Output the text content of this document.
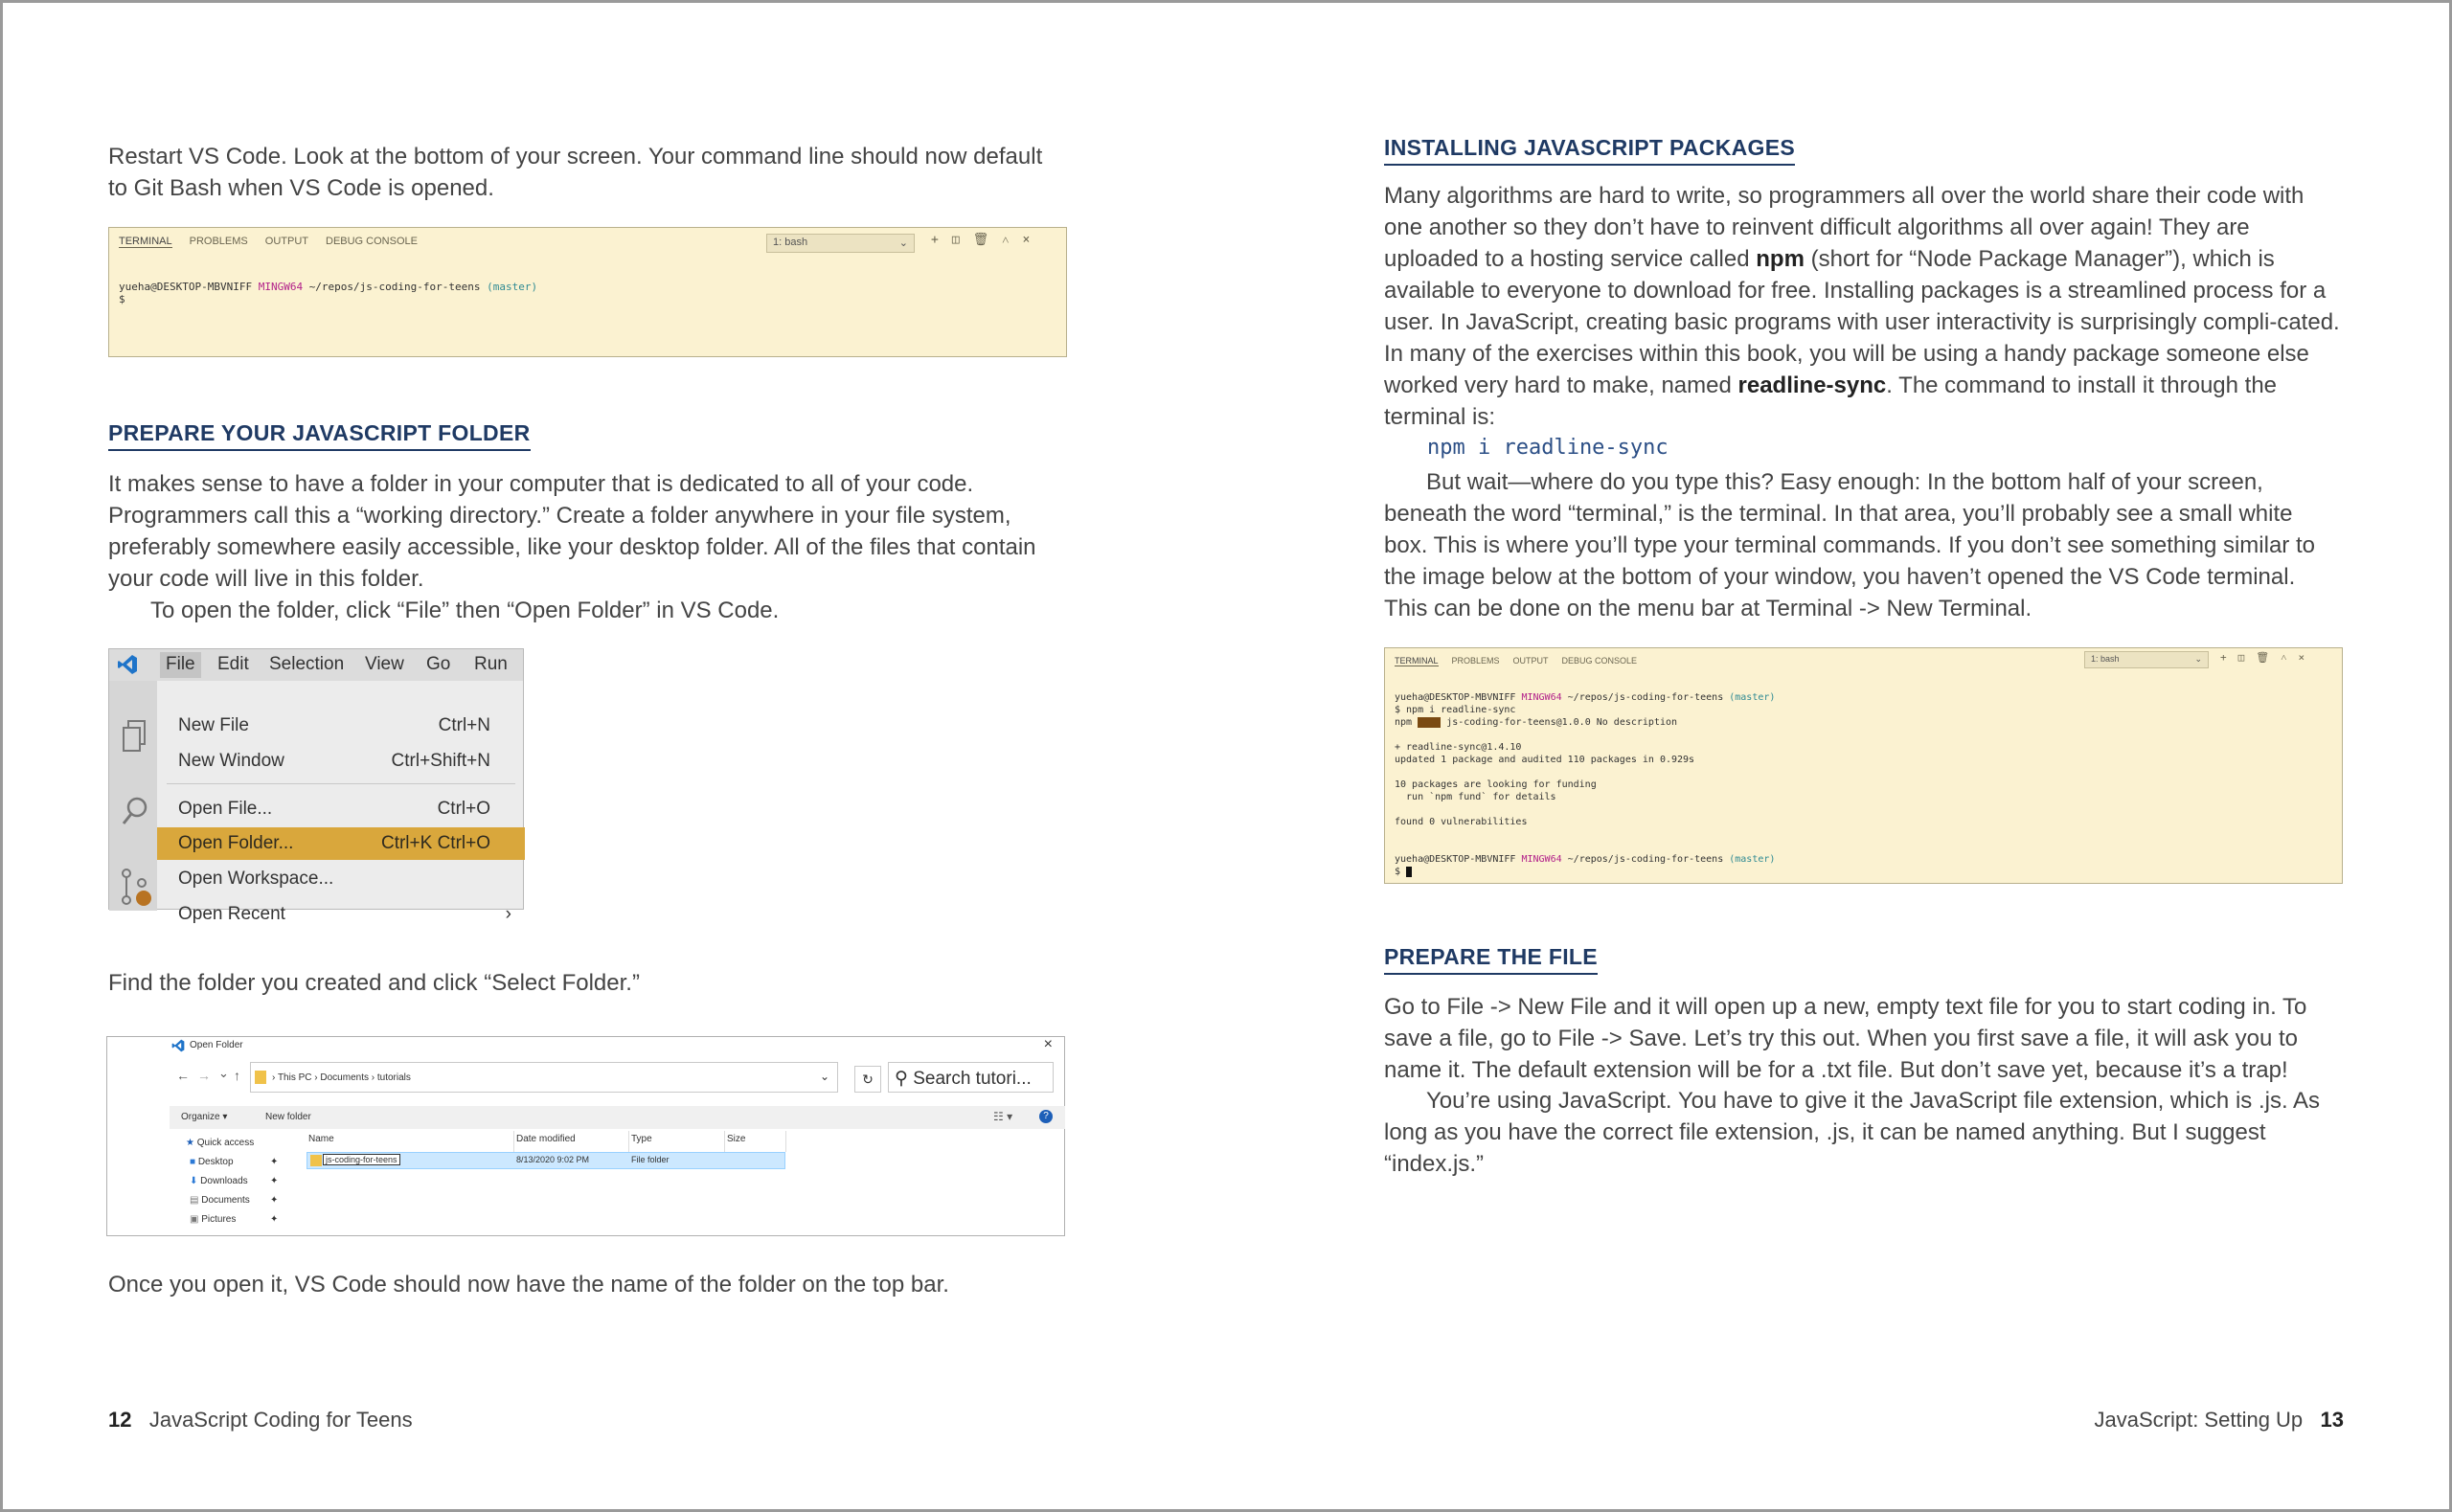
Restart VS Code. Look at the bottom of your screen. Your command line should now default to Git Bash when VS Code is opened.
TERMINAL PROBLEMS OUTPUT DEBUG CONSOLE	1: bash	⌄ + ◫ 🗑 ˄ ×
yueha@DESKTOP-MBVNIFF MINGW64 ~/repos/js-coding-for-teens (master)
$
PREPARE YOUR JAVASCRIPT FOLDER
It makes sense to have a folder in your computer that is dedicated to all of your code. Programmers call this a “working directory.” Create a folder anywhere in your file system, preferably somewhere easily accessible, like your desktop folder. All of the files that contain your code will live in this folder.
To open the folder, click “File” then “Open Folder” in VS Code.
File	Edit	Selection	View	Go	Run
New File	Ctrl+N
New Window	Ctrl+Shift+N
Open File...	Ctrl+O
Open Folder...	Ctrl+K Ctrl+O
Open Workspace...
Open Recent	›
Find the folder you created and click “Select Folder.”
Open Folder	×
← → ⌄ ↑	› This PC › Documents › tutorials	⌄	↻	⚲ Search tutori...
Organize ▾	New folder	☷ ▾	?
Name	Date modified	Type	Size
★ Quick access
■ Desktop	✦
⬇ Downloads ✦
▤ Documents ✦
▣ Pictures	✦
js-coding-for-teens	8/13/2020 9:02 PM	File folder
Once you open it, VS Code should now have the name of the folder on the top bar.
12 JavaScript Coding for Teens
INSTALLING JAVASCRIPT PACKAGES
Many algorithms are hard to write, so programmers all over the world share their code with one another so they don’t have to reinvent difficult algorithms all over again! They are uploaded to a hosting service called npm (short for “Node Package Manager”), which is available to everyone to download for free. Installing packages is a streamlined process for a user. In JavaScript, creating basic programs with user interactivity is surprisingly compli-cated. In many of the exercises within this book, you will be using a handy package someone else worked very hard to make, named readline-sync. The command to install it through the terminal is:
npm i readline-sync
But wait—where do you type this? Easy enough: In the bottom half of your screen, beneath the word “terminal,” is the terminal. In that area, you’ll probably see a small white box. This is where you’ll type your terminal commands. If you don’t see something similar to the image below at the bottom of your window, you haven’t opened the VS Code terminal. This can be done on the menu bar at Terminal -> New Terminal.
TERMINAL PROBLEMS OUTPUT DEBUG CONSOLE	1: bash	⌄ + ◫ 🗑 ˄ ×
yueha@DESKTOP-MBVNIFF MINGW64 ~/repos/js-coding-for-teens (master)
$ npm i readline-sync
npm WARN js-coding-for-teens@1.0.0 No description

+ readline-sync@1.4.10
updated 1 package and audited 110 packages in 0.929s

10 packages are looking for funding
run `npm fund` for details

found 0 vulnerabilities

yueha@DESKTOP-MBVNIFF MINGW64 ~/repos/js-coding-for-teens (master)
$
PREPARE THE FILE
Go to File -> New File and it will open up a new, empty text file for you to start coding in. To save a file, go to File -> Save. Let’s try this out. When you first save a file, it will ask you to name it. The default extension will be for a .txt file. But don’t save yet, because it’s a trap!
You’re using JavaScript. You have to give it the JavaScript file extension, which is .js. As long as you have the correct file extension, .js, it can be named anything. But I suggest “index.js.”
JavaScript: Setting Up 13
